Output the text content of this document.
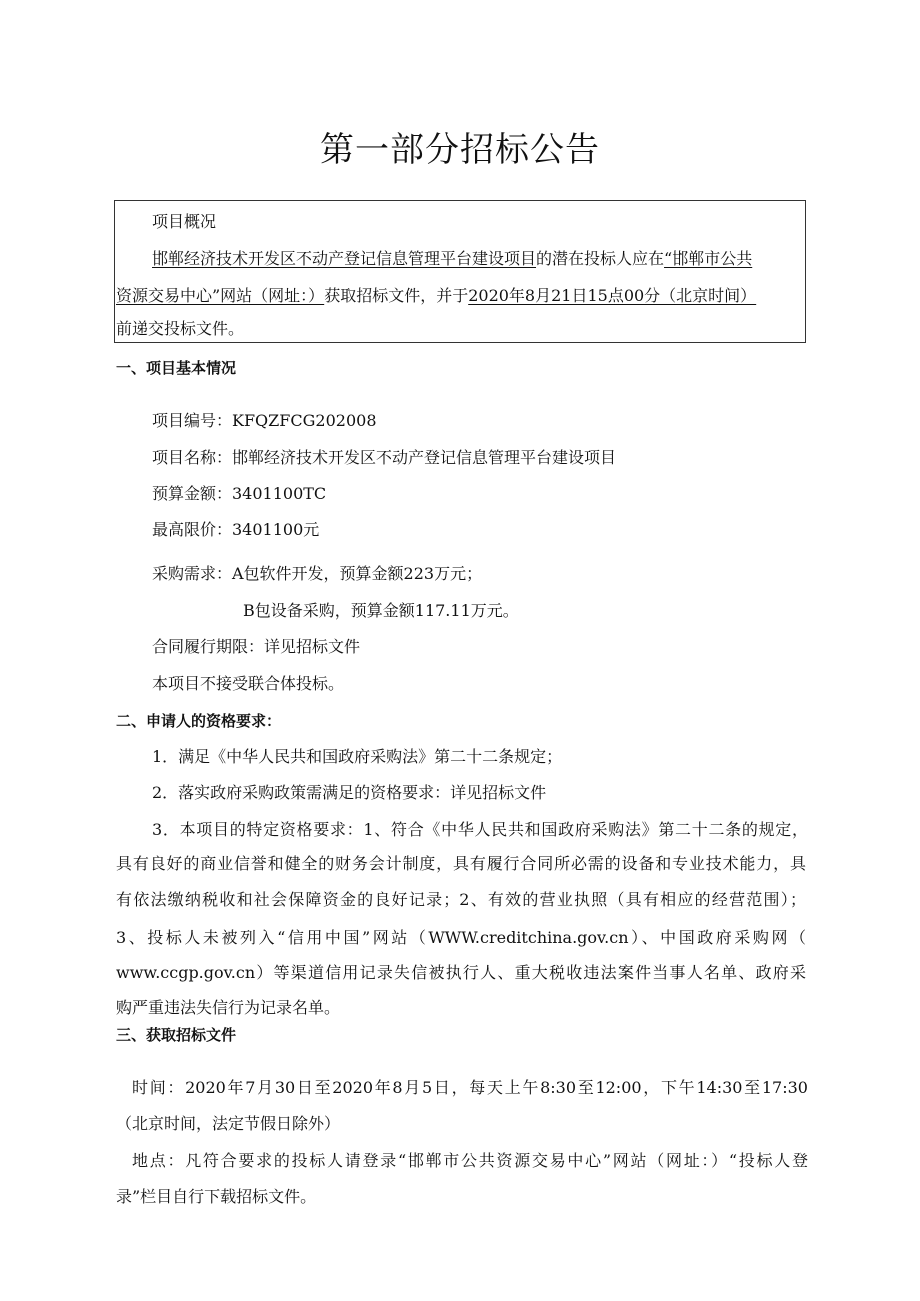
第一部分招标公告
项目概况
邯郸经济技术开发区不动产登记信息管理平台建设项目的潜在投标人应在“邯郸市公共
资源交易中心”网站（网址：）获取招标文件，并于2020年8月21日15点00分（北京时间）
前递交投标文件。
一、项目基本情况
项目编号：KFQZFCG202008
项目名称：邯郸经济技术开发区不动产登记信息管理平台建设项目
预算金额：3401100TC
最高限价：3401100元
采购需求：A包软件开发，预算金额223万元；
B包设备采购，预算金额117.11万元。
合同履行期限：详见招标文件
本项目不接受联合体投标。
二、申请人的资格要求：
1．满足《中华人民共和国政府采购法》第二十二条规定；
2．落实政府采购政策需满足的资格要求：详见招标文件
3．本项目的特定资格要求：1、符合《中华人民共和国政府采购法》第二十二条的规定，
具有良好的商业信誉和健全的财务会计制度，具有履行合同所必需的设备和专业技术能力，具
有依法缴纳税收和社会保障资金的良好记录；2、有效的营业执照（具有相应的经营范围）；
3、投标人未被列入“信用中国”网站（WWW.creditchina.gov.cn）、中国政府采购网（
www.ccgp.gov.cn）等渠道信用记录失信被执行人、重大税收违法案件当事人名单、政府采
购严重违法失信行为记录名单。
三、获取招标文件
时间：2020年7月30日至2020年8月5日，每天上午8:30至12:00，下午14:30至17:30
（北京时间，法定节假日除外）
地点：凡符合要求的投标人请登录“邯郸市公共资源交易中心”网站（网址：）“投标人登
录”栏目自行下载招标文件。
